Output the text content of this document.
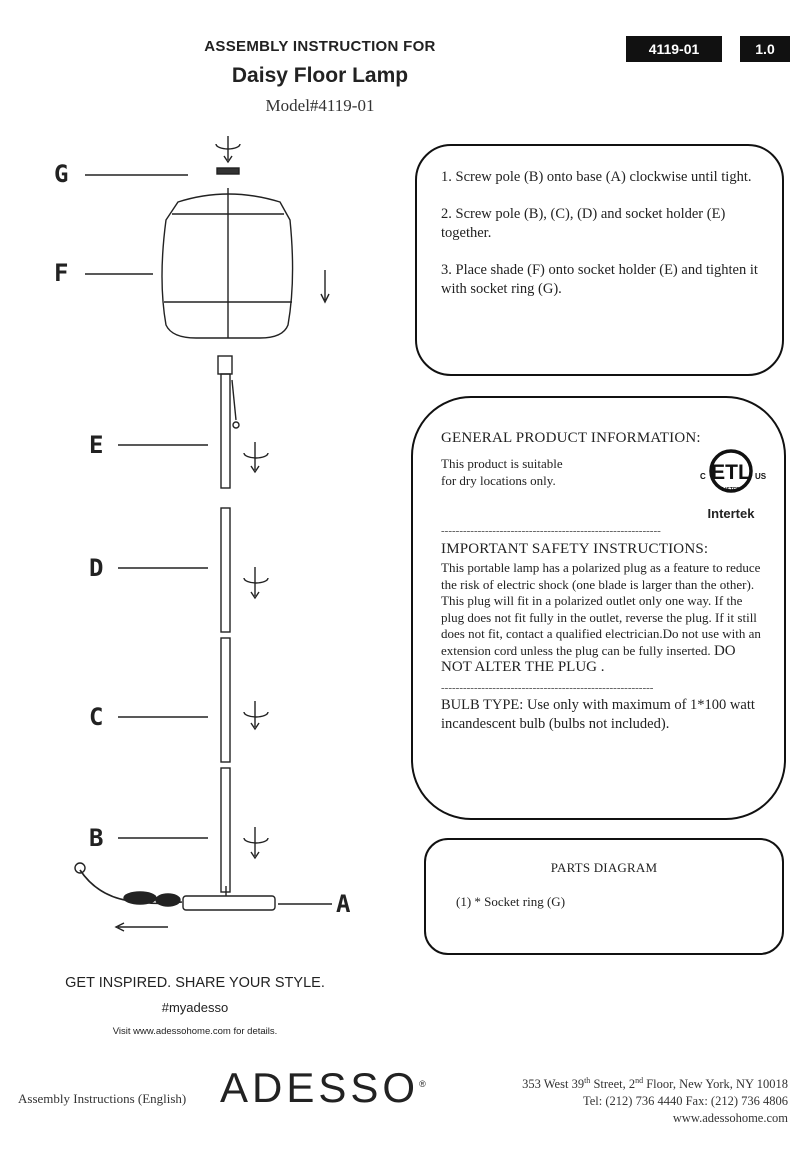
ASSEMBLY INSTRUCTION FOR
Daisy Floor Lamp
Model#4119-01
4119-01	1.0
G
F
E
D
C
B
A

1. Screw pole (B) onto base (A) clockwise until tight.

2. Screw pole (B), (C), (D) and socket holder (E) together.

3. Place shade (F) onto socket holder (E) and tighten it with socket ring (G).

GENERAL PRODUCT INFORMATION:
This product is suitable
for dry locations only.	ETL
LISTED
C	US
Intertek
------------------------------------------------------------
IMPORTANT SAFETY INSTRUCTIONS:
This portable lamp has a polarized plug as a feature to reduce the risk of electric shock (one blade is larger than the other). This plug will fit in a polarized outlet only one way. If the plug does not fit fully in the outlet, reverse the plug. If it still does not fit, contact a qualified electrician.Do not use with an extension cord unless the plug can be fully inserted. DO NOT ALTER THE PLUG .
----------------------------------------------------------
BULB TYPE: Use only with maximum of 1*100 watt incandescent bulb (bulbs not included).
PARTS DIAGRAM
(1) * Socket ring (G)
GET INSPIRED. SHARE YOUR STYLE.
#myadesso
Visit www.adessohome.com for details.
Assembly Instructions (English) ADESSO®	353 West 39th Street, 2nd Floor, New York, NY 10018
Tel: (212) 736 4440 Fax: (212) 736 4806
www.adessohome.com
